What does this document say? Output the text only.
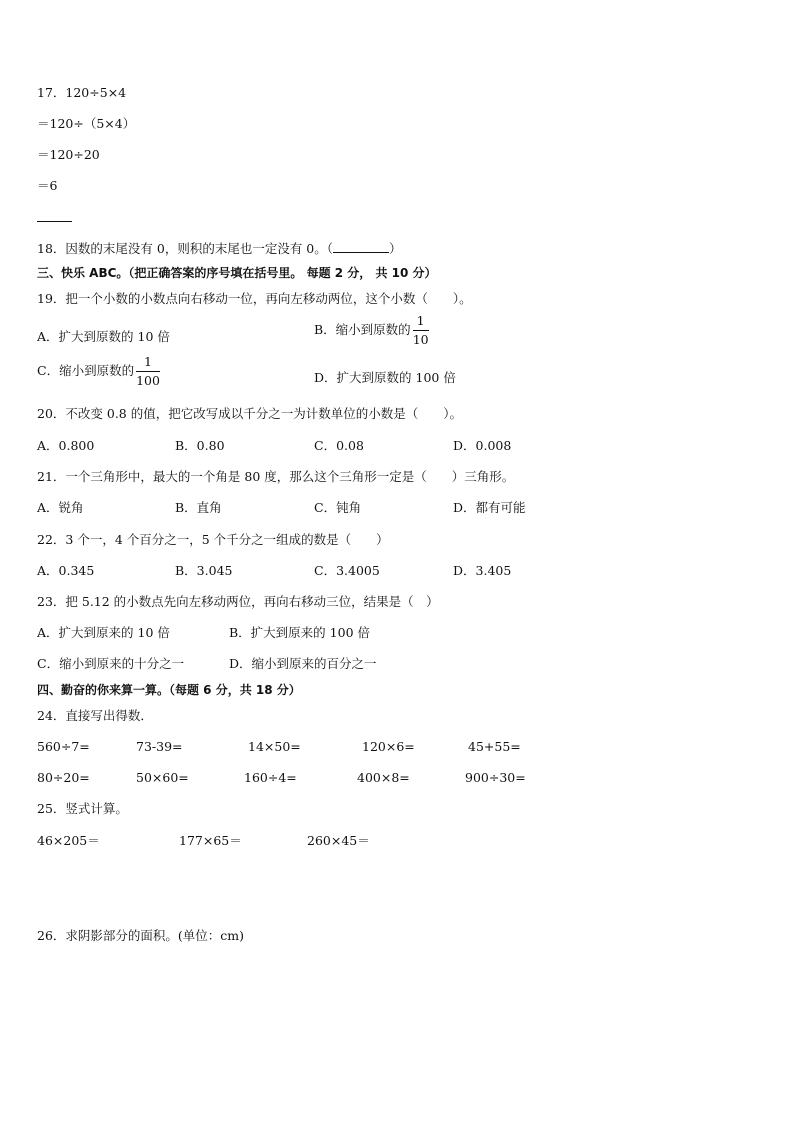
17．120÷5×4
＝120÷（5×4）
＝120÷20
＝6
18．因数的末尾没有 0，则积的末尾也一定没有 0。（	）
三、快乐 ABC。（把正确答案的序号填在括号里。 每题 2 分， 共 10 分）
19．把一个小数的小数点向右移动一位，再向左移动两位，这个小数（　　）。
A．扩大到原数的 10 倍	B．缩小到原数的 $\frac{1}{10}$
C．缩小到原数的 $\frac{1}{100}$	D．扩大到原数的 100 倍
20．不改变 0.8 的值，把它改写成以千分之一为计数单位的小数是（　　）。
A．0.800	B．0.80	C．0.08	D．0.008
21．一个三角形中，最大的一个角是 80 度，那么这个三角形一定是（　　）三角形。
A．锐角	B．直角	C．钝角	D．都有可能
22．3 个一，4 个百分之一，5 个千分之一组成的数是（　　）
A．0.345	B．3.045	C．3.4005	D．3.405
23．把 5.12 的小数点先向左移动两位，再向右移动三位，结果是（　）
A．扩大到原来的 10 倍	B．扩大到原来的 100 倍
C．缩小到原来的十分之一	D．缩小到原来的百分之一
四、勤奋的你来算一算。（每题 6 分，共 18 分）
24．直接写出得数．
560÷7=	73-39=	14×50=	120×6=	45+55=
80÷20=	50×60=	160÷4=	400×8=	900÷30=
25．竖式计算。
46×205＝	177×65＝	260×45＝
26．求阴影部分的面积。(单位：cm)
